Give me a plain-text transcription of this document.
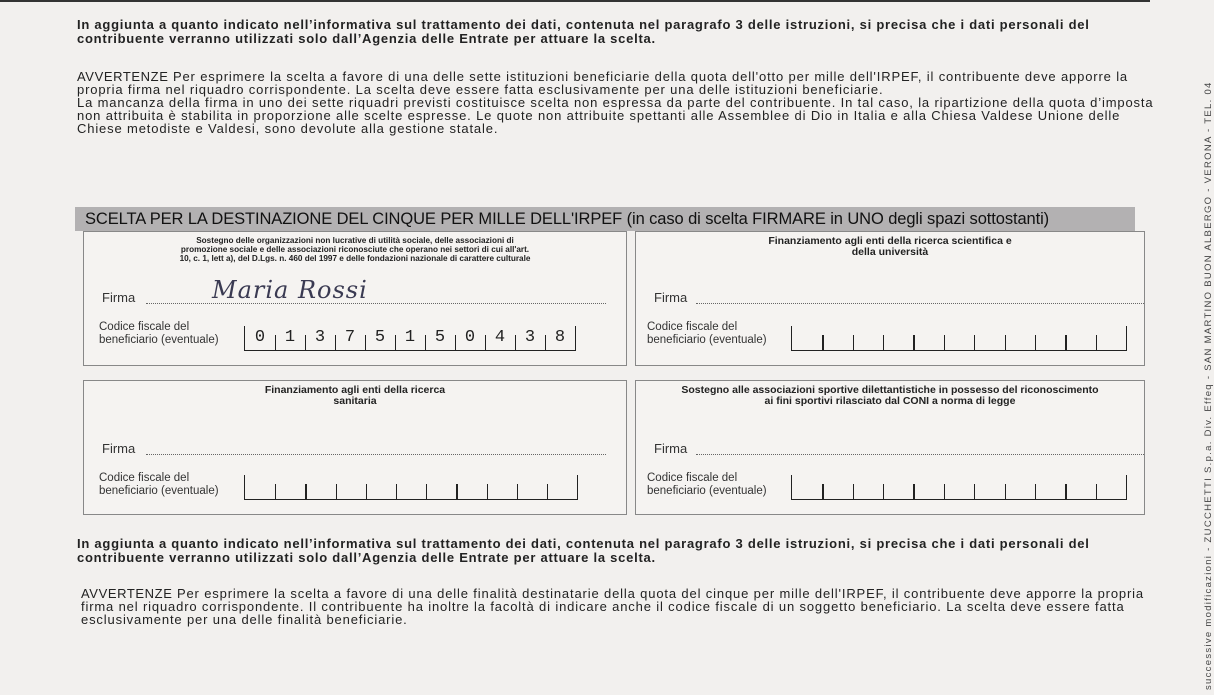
In aggiunta a quanto indicato nell’informativa sul trattamento dei dati, contenuta nel paragrafo 3 delle istruzioni, si precisa che i dati personali del contribuente verranno utilizzati solo dall’Agenzia delle Entrate per attuare la scelta.

AVVERTENZE Per esprimere la scelta a favore di una delle sette istituzioni beneficiarie della quota dell'otto per mille dell'IRPEF, il contribuente deve apporre la propria firma nel riquadro corrispondente. La scelta deve essere fatta esclusivamente per una delle istituzioni beneficiarie.

La mancanza della firma in uno dei sette riquadri previsti costituisce scelta non espressa da parte del contribuente. In tal caso, la ripartizione della quota d’imposta non attribuita è stabilita in proporzione alle scelte espresse. Le quote non attribuite spettanti alle Assemblee di Dio in Italia e alla Chiesa Valdese Unione delle Chiese metodiste e Valdesi, sono devolute alla gestione statale.

SCELTA PER LA DESTINAZIONE DEL CINQUE PER MILLE DELL'IRPEF (in caso di scelta FIRMARE in UNO degli spazi sottostanti)
Sostegno delle organizzazioni non lucrative di utilità sociale, delle associazioni di promozione sociale e delle associazioni riconosciute che operano nei settori di cui all'art. 10, c. 1, lett a), del D.Lgs. n. 460 del 1997 e delle fondazioni nazionale di carattere culturale
Firma	Maria Rossi
Codice fiscale del beneficiario (eventuale)	0	1	3	7	5	1	5	0	4	3	8
Finanziamento agli enti della ricerca scientifica e della università
Firma
Codice fiscale del beneficiario (eventuale)
Finanziamento agli enti della ricerca sanitaria
Firma
Codice fiscale del beneficiario (eventuale)
Sostegno alle associazioni sportive dilettantistiche in possesso del riconoscimento ai fini sportivi rilasciato dal CONI a norma di legge
Firma
Codice fiscale del beneficiario (eventuale)
In aggiunta a quanto indicato nell’informativa sul trattamento dei dati, contenuta nel paragrafo 3 delle istruzioni, si precisa che i dati personali del contribuente verranno utilizzati solo dall’Agenzia delle Entrate per attuare la scelta.

AVVERTENZE Per esprimere la scelta a favore di una delle finalità destinatarie della quota del cinque per mille dell'IRPEF, il contribuente deve apporre la propria firma nel riquadro corrispondente. Il contribuente ha inoltre la facoltà di indicare anche il codice fiscale di un soggetto beneficiario. La scelta deve essere fatta esclusivamente per una delle finalità beneficiarie.	successive modificazioni - ZUCCHETTI S.p.a. Div. Effeq - SAN MARTINO BUON ALBERGO - VERONA - TEL. 04
